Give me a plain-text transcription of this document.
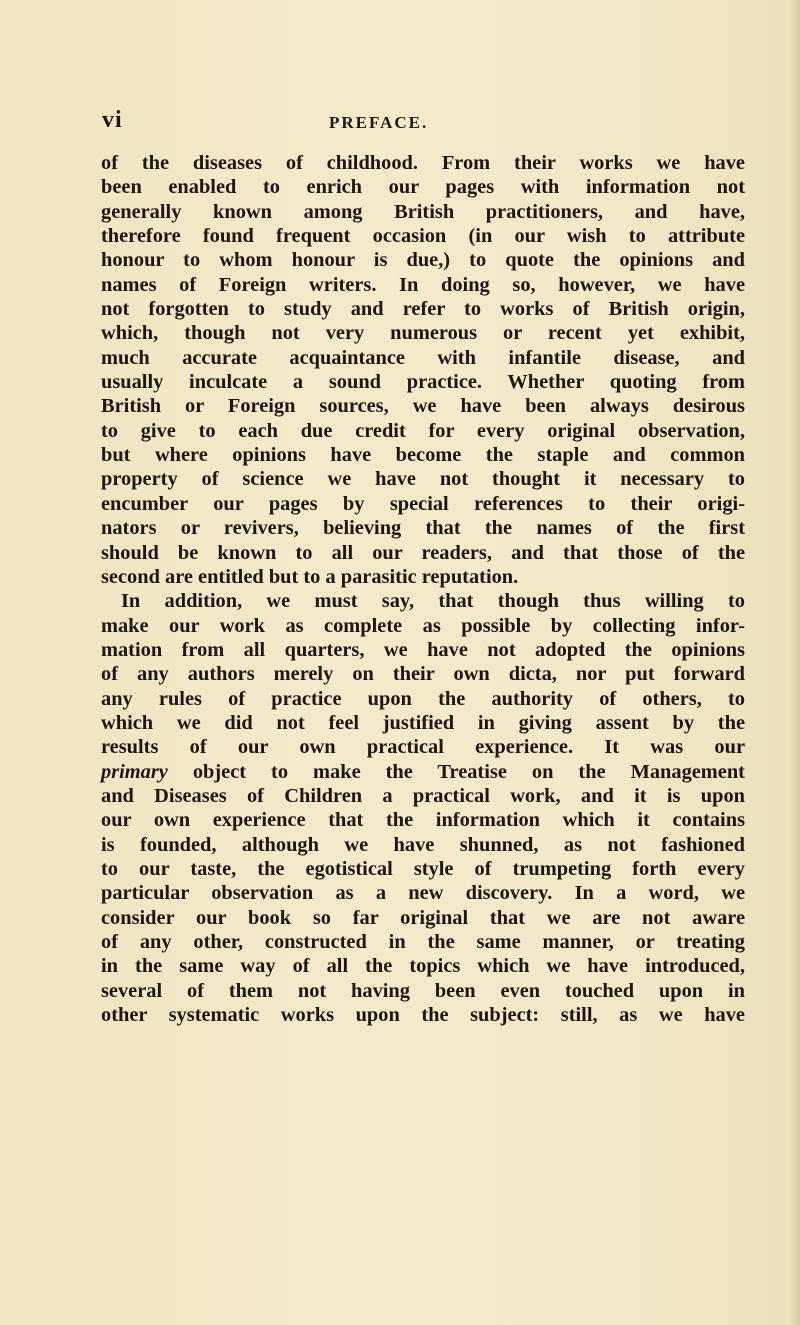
vi	PREFACE.
of the diseases of childhood. From their works we have
been enabled to enrich our pages with information not
generally known among British practitioners, and have,
therefore found frequent occasion (in our wish to attribute
honour to whom honour is due,) to quote the opinions and
names of Foreign writers. In doing so, however, we have
not forgotten to study and refer to works of British origin,
which, though not very numerous or recent yet exhibit,
much accurate acquaintance with infantile disease, and
usually inculcate a sound practice. Whether quoting from
British or Foreign sources, we have been always desirous
to give to each due credit for every original observation,
but where opinions have become the staple and common
property of science we have not thought it necessary to
encumber our pages by special references to their origi-
nators or revivers, believing that the names of the first
should be known to all our readers, and that those of the
second are entitled but to a parasitic reputation.
In addition, we must say, that though thus willing to
make our work as complete as possible by collecting infor-
mation from all quarters, we have not adopted the opinions
of any authors merely on their own dicta, nor put forward
any rules of practice upon the authority of others, to
which we did not feel justified in giving assent by the
results of our own practical experience. It was our
primary object to make the Treatise on the Management
and Diseases of Children a practical work, and it is upon
our own experience that the information which it contains
is founded, although we have shunned, as not fashioned
to our taste, the egotistical style of trumpeting forth every
particular observation as a new discovery. In a word, we
consider our book so far original that we are not aware
of any other, constructed in the same manner, or treating
in the same way of all the topics which we have introduced,
several of them not having been even touched upon in
other systematic works upon the subject: still, as we have
